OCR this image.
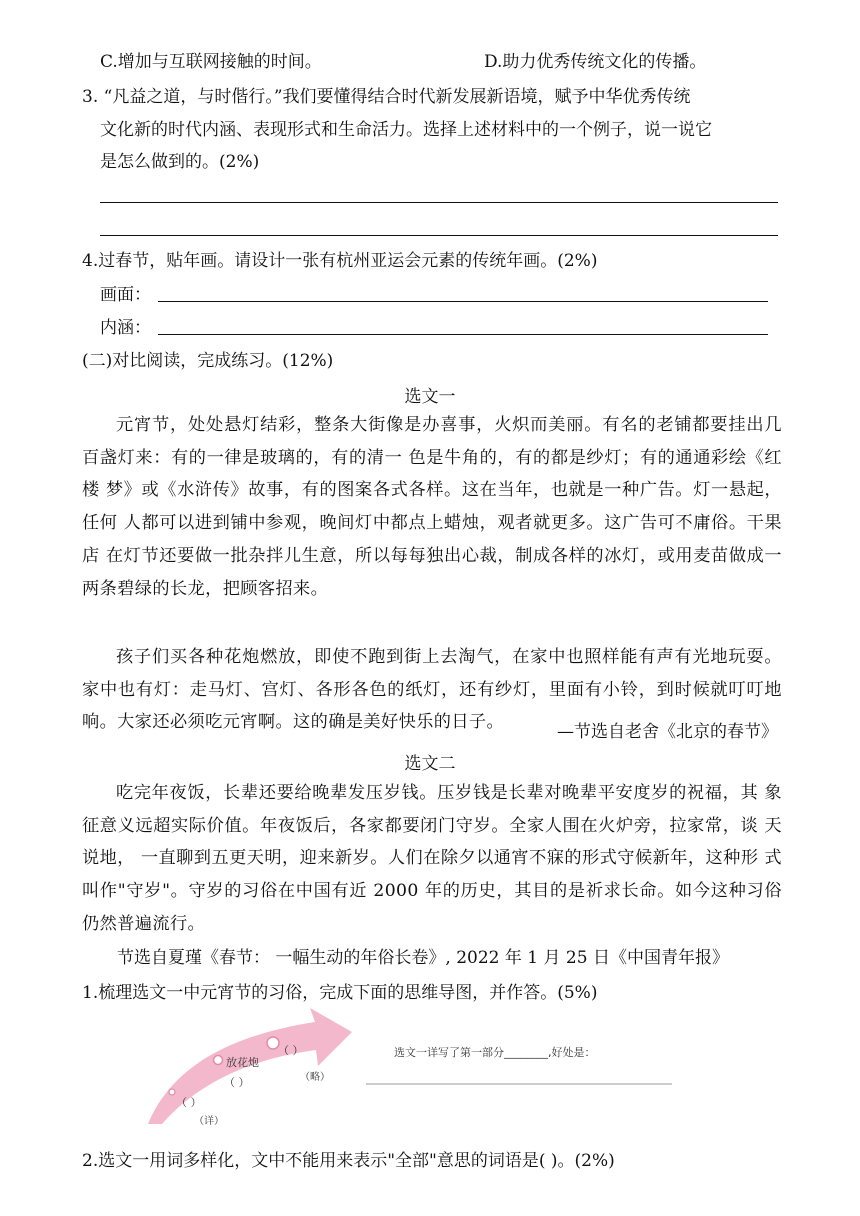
C.增加与互联网接触的时间。	D.助力优秀传统文化的传播。
3. “凡益之道，与时偕行。”我们要懂得结合时代新发展新语境，赋予中华优秀传统
文化新的时代内涵、表现形式和生命活力。选择上述材料中的一个例子，说一说它
是怎么做到的。(2%)
4.过春节，贴年画。请设计一张有杭州亚运会元素的传统年画。(2%)
画面：
内涵：
(二)对比阅读，完成练习。(12%)
选文一
元宵节，处处悬灯结彩，整条大街像是办喜事，火炽而美丽。有名的老铺都要挂出几 百盏灯来：有的一律是玻璃的，有的清一 色是牛角的，有的都是纱灯；有的通通彩绘《红楼 梦》或《水浒传》故事，有的图案各式各样。这在当年，也就是一种广告。灯一悬起，任何 人都可以进到铺中参观，晚间灯中都点上蜡烛，观者就更多。这广告可不庸俗。干果店 在灯节还要做一批杂拌儿生意，所以每每独出心裁，制成各样的冰灯，或用麦苗做成一两条碧绿的长龙，把顾客招来。
孩子们买各种花炮燃放，即使不跑到街上去淘气，在家中也照样能有声有光地玩耍。 家中也有灯：走马灯、宫灯、各形各色的纸灯，还有纱灯，里面有小铃，到时候就叮叮地响。大家还必须吃元宵啊。这的确是美好快乐的日子。	—节选自老舍《北京的春节》
选文二
吃完年夜饭，长辈还要给晚辈发压岁钱。压岁钱是长辈对晚辈平安度岁的祝福，其 象征意义远超实际价值。年夜饭后，各家都要闭门守岁。全家人围在火炉旁，拉家常，谈 天说地， 一直聊到五更天明，迎来新岁。人们在除夕以通宵不寐的形式守候新年，这种形 式叫作"守岁"。守岁的习俗在中国有近 2000 年的历史，其目的是祈求长命。如今这种习俗仍然普遍流行。
节选自夏瑾《春节： 一幅生动的年俗长卷》, 2022 年 1 月 25 日《中国青年报》
1.梳理选文一中元宵节的习俗，完成下面的思维导图，并作答。(5%)
元宵节的习俗
放花炮
（ ）
（ ）
（详）
（ ）
（略）
选文一详写了第一部分________,好处是：
2.选文一用词多样化，文中不能用来表示"全部"意思的词语是( )。(2%)
